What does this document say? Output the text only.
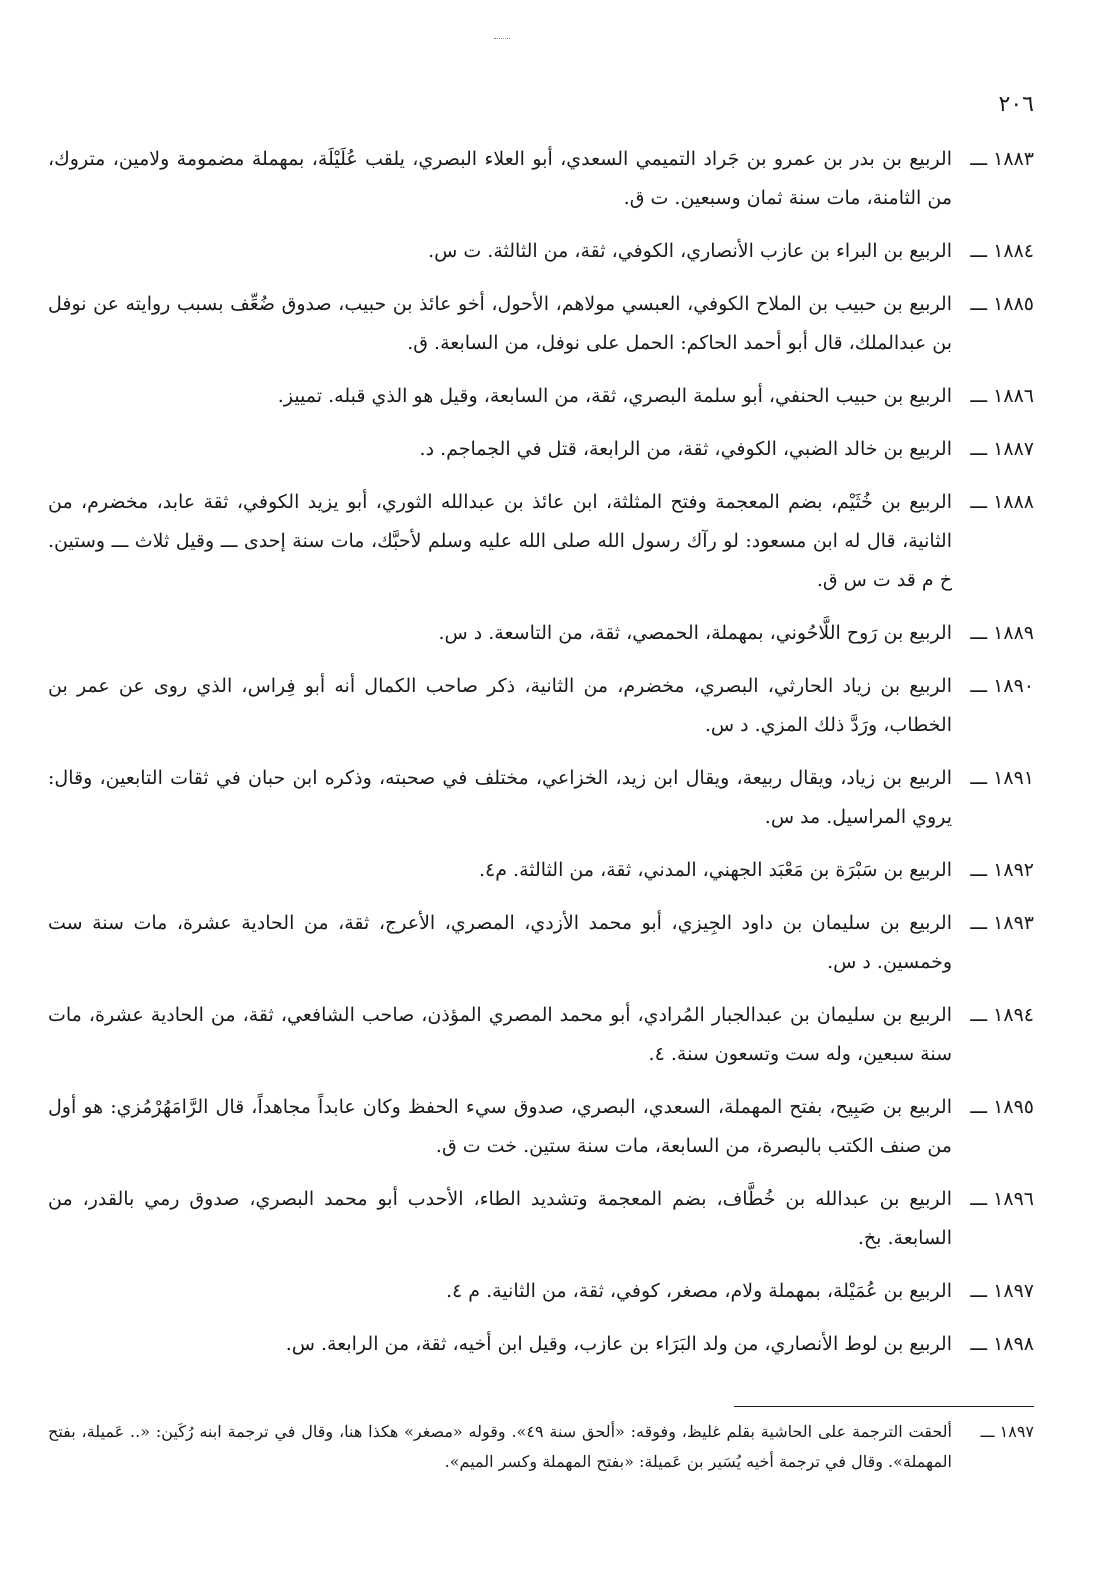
٢٠٦
١٨٨٣ ـــ
الربيع بن بدر بن عمرو بن جَراد التميمي السعدي، أبو العلاء البصري، يلقب عُلَيْلَة، بمهملة مضمومة ولامين، متروك، من الثامنة، مات سنة ثمان وسبعين. ت ق.
١٨٨٤ ـــ
الربيع بن البراء بن عازب الأنصاري، الكوفي، ثقة، من الثالثة. ت س.
١٨٨٥ ـــ
الربيع بن حبيب بن الملاح الكوفي، العبسي مولاهم، الأحول، أخو عائذ بن حبيب، صدوق ضُعِّف بسبب روايته عن نوفل بن عبدالملك، قال أبو أحمد الحاكم: الحمل على نوفل، من السابعة. ق.
١٨٨٦ ـــ
الربيع بن حبيب الحنفي، أبو سلمة البصري، ثقة، من السابعة، وقيل هو الذي قبله. تمييز.
١٨٨٧ ـــ
الربيع بن خالد الضبي، الكوفي، ثقة، من الرابعة، قتل في الجماجم. د.
١٨٨٨ ـــ
الربيع بن خُثَيْم، بضم المعجمة وفتح المثلثة، ابن عائذ بن عبدالله الثوري، أبو يزيد الكوفي، ثقة عابد، مخضرم، من الثانية، قال له ابن مسعود: لو رآك رسول الله صلى الله عليه وسلم لأحبَّك، مات سنة إحدى ـــ وقيل ثلاث ـــ وستين. خ م قد ت س ق.
١٨٨٩ ـــ
الربيع بن رَوح اللَّاحُوني، بمهملة، الحمصي، ثقة، من التاسعة. د س.
١٨٩٠ ـــ
الربيع بن زياد الحارثي، البصري، مخضرم، من الثانية، ذكر صاحب الكمال أنه أبو فِراس، الذي روى عن عمر بن الخطاب، ورَدَّ ذلك المزي. د س.
١٨٩١ ـــ
الربيع بن زياد، ويقال ربيعة، ويقال ابن زيد، الخزاعي، مختلف في صحبته، وذكره ابن حبان في ثقات التابعين، وقال: يروي المراسيل. مد س.
١٨٩٢ ـــ
الربيع بن سَبْرَة بن مَعْبَد الجهني، المدني، ثقة، من الثالثة. م٤.
١٨٩٣ ـــ
الربيع بن سليمان بن داود الجِيزي، أبو محمد الأزدي، المصري، الأعرج، ثقة، من الحادية عشرة، مات سنة ست وخمسين. د س.
١٨٩٤ ـــ
الربيع بن سليمان بن عبدالجبار المُرادي، أبو محمد المصري المؤذن، صاحب الشافعي، ثقة، من الحادية عشرة، مات سنة سبعين، وله ست وتسعون سنة. ٤.
١٨٩٥ ـــ
الربيع بن صَبِيح، بفتح المهملة، السعدي، البصري، صدوق سيء الحفظ وكان عابداً مجاهداً، قال الرَّامَهُرْمُزي: هو أول من صنف الكتب بالبصرة، من السابعة، مات سنة ستين. خت ت ق.
١٨٩٦ ـــ
الربيع بن عبدالله بن خُطَّاف، بضم المعجمة وتشديد الطاء، الأحدب أبو محمد البصري، صدوق رمي بالقدر، من السابعة. بخ.
١٨٩٧ ـــ
الربيع بن عُمَيْلة، بمهملة ولام، مصغر، كوفي، ثقة، من الثانية. م ٤.
١٨٩٨ ـــ
الربيع بن لوط الأنصاري، من ولد البَرَاء بن عازب، وقيل ابن أخيه، ثقة، من الرابعة. س.
١٨٩٧ ـــ
ألحقت الترجمة على الحاشية بقلم غليظ، وفوقه: «ألحق سنة ٤٩». وقوله «مصغر» هكذا هنا، وقال في ترجمة ابنه رُكَين: «.. عَميلة، بفتح المهملة». وقال في ترجمة أخيه يُسَير بن عَميلة: «بفتح المهملة وكسر الميم».
